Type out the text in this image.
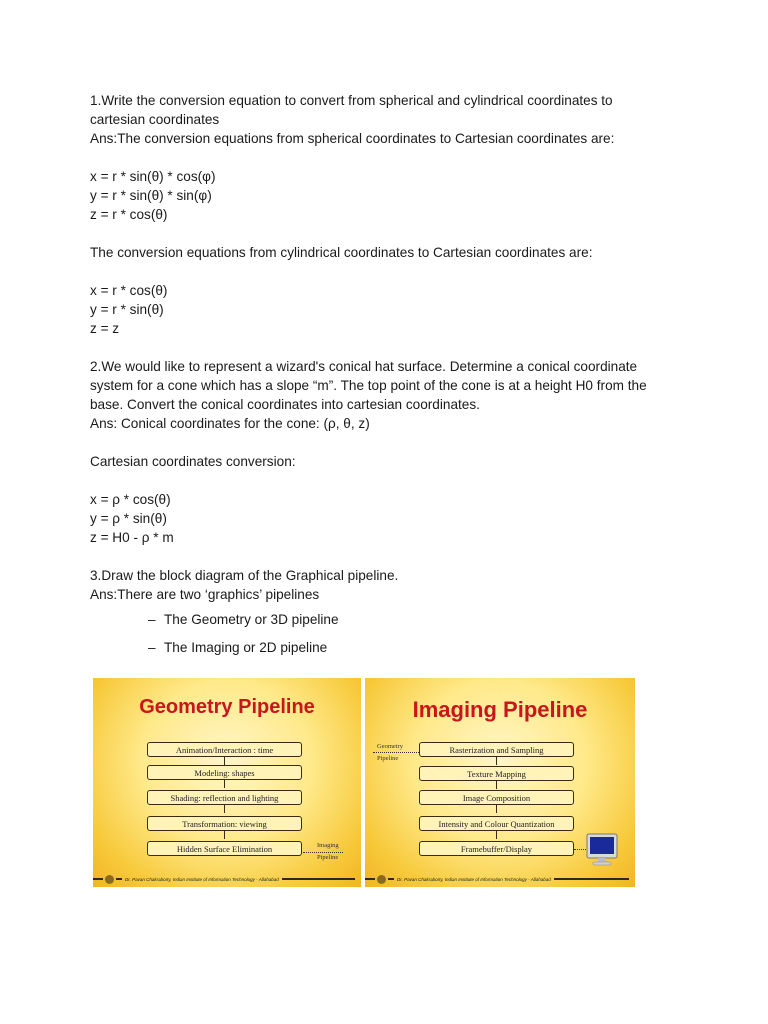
1.Write the conversion equation to convert from spherical and cylindrical coordinates to
cartesian coordinates
Ans:The conversion equations from spherical coordinates to Cartesian coordinates are:
x = r * sin(θ) * cos(φ)
y = r * sin(θ) * sin(φ)
z = r * cos(θ)
The conversion equations from cylindrical coordinates to Cartesian coordinates are:
x = r * cos(θ)
y = r * sin(θ)
z = z
2.We would like to represent a wizard's conical hat surface. Determine a conical coordinate
system for a cone which has a slope “m”. The top point of the cone is at a height H0 from the
base. Convert the conical coordinates into cartesian coordinates.
Ans: Conical coordinates for the cone: (ρ, θ, z)
Cartesian coordinates conversion:
x = ρ * cos(θ)
y = ρ * sin(θ)
z = H0 - ρ * m
3.Draw the block diagram of the Graphical pipeline.
Ans:There are two ‘graphics’ pipelines
– The Geometry or 3D pipeline
– The Imaging or 2D pipeline
Geometry Pipeline
Animation/Interaction : time
Modeling: shapes
Shading: reflection and lighting
Transformation: viewing
Hidden Surface Elimination	Imaging
Pipeline
Dr. Pavan Chakraborty, Indian Institute of Information Technology - Allahabad
Imaging Pipeline
Geometry
Pipeline
Rasterization and Sampling
Texture Mapping
Image Composition
Intensity and Colour Quantization
Framebuffer/Display
Dr. Pavan Chakraborty, Indian Institute of Information Technology - Allahabad
